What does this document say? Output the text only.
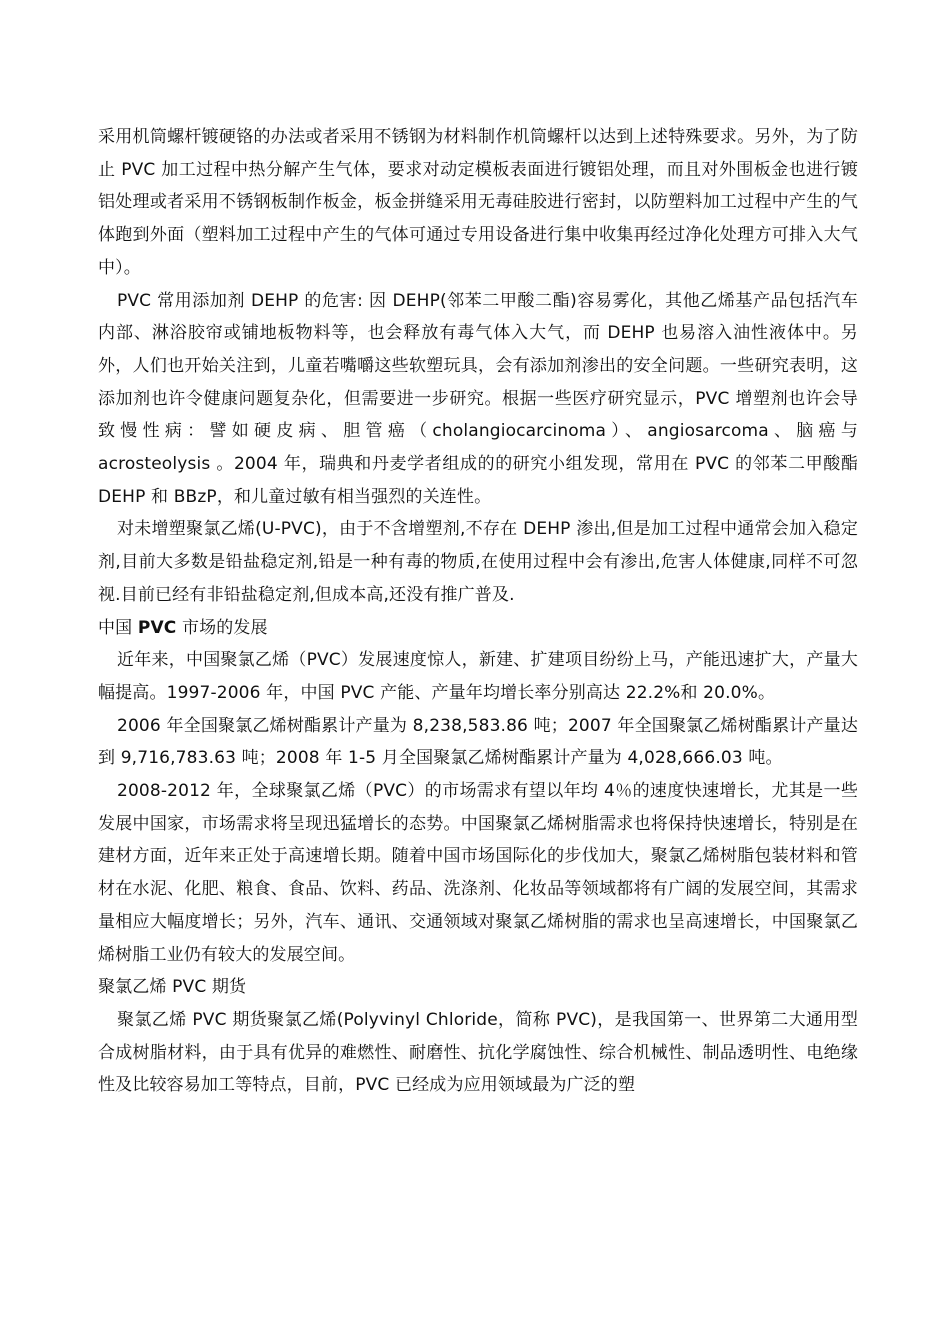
采用机筒螺杆镀硬铬的办法或者采用不锈钢为材料制作机筒螺杆以达到上述特殊要求。另外，为了防止 PVC 加工过程中热分解产生气体，要求对动定模板表面进行镀铝处理，而且对外围板金也进行镀铝处理或者采用不锈钢板制作板金，板金拼缝采用无毒硅胶进行密封，以防塑料加工过程中产生的气体跑到外面（塑料加工过程中产生的气体可通过专用设备进行集中收集再经过净化处理方可排入大气中）。

PVC 常用添加剂 DEHP 的危害: 因 DEHP(邻苯二甲酸二酯)容易雾化，其他乙烯基产品包括汽车内部、淋浴胶帘或铺地板物料等，也会释放有毒气体入大气，而 DEHP 也易溶入油性液体中。另外，人们也开始关注到，儿童若嘴嚼这些软塑玩具，会有添加剂渗出的安全问题。一些研究表明，这添加剂也许令健康问题复杂化，但需要进一步研究。根据一些医疗研究显示，PVC 增塑剂也许会导致慢性病：譬如硬皮病、胆管癌（cholangiocarcinoma）、angiosarcoma、脑癌与 acrosteolysis 。2004 年，瑞典和丹麦学者组成的的研究小组发现，常用在 PVC 的邻苯二甲酸酯 DEHP 和 BBzP，和儿童过敏有相当强烈的关连性。

对未增塑聚氯乙烯(U-PVC)，由于不含增塑剂,不存在 DEHP 渗出,但是加工过程中通常会加入稳定剂,目前大多数是铅盐稳定剂,铅是一种有毒的物质,在使用过程中会有渗出,危害人体健康,同样不可忽视.目前已经有非铅盐稳定剂,但成本高,还没有推广普及.

中国 PVC 市场的发展

近年来，中国聚氯乙烯（PVC）发展速度惊人，新建、扩建项目纷纷上马，产能迅速扩大，产量大幅提高。1997-2006 年，中国 PVC 产能、产量年均增长率分别高达 22.2%和 20.0%。

2006 年全国聚氯乙烯树酯累计产量为 8,238,583.86 吨；2007 年全国聚氯乙烯树酯累计产量达到 9,716,783.63 吨；2008 年 1-5 月全国聚氯乙烯树酯累计产量为 4,028,666.03 吨。

2008-2012 年，全球聚氯乙烯（PVC）的市场需求有望以年均 4％的速度快速增长，尤其是一些发展中国家，市场需求将呈现迅猛增长的态势。中国聚氯乙烯树脂需求也将保持快速增长，特别是在建材方面，近年来正处于高速增长期。随着中国市场国际化的步伐加大，聚氯乙烯树脂包装材料和管材在水泥、化肥、粮食、食品、饮料、药品、洗涤剂、化妆品等领域都将有广阔的发展空间，其需求量相应大幅度增长；另外，汽车、通讯、交通领域对聚氯乙烯树脂的需求也呈高速增长，中国聚氯乙烯树脂工业仍有较大的发展空间。

聚氯乙烯 PVC 期货

聚氯乙烯 PVC 期货聚氯乙烯(Polyvinyl Chloride，简称 PVC)，是我国第一、世界第二大通用型合成树脂材料，由于具有优异的难燃性、耐磨性、抗化学腐蚀性、综合机械性、制品透明性、电绝缘性及比较容易加工等特点，目前，PVC 已经成为应用领域最为广泛的塑
